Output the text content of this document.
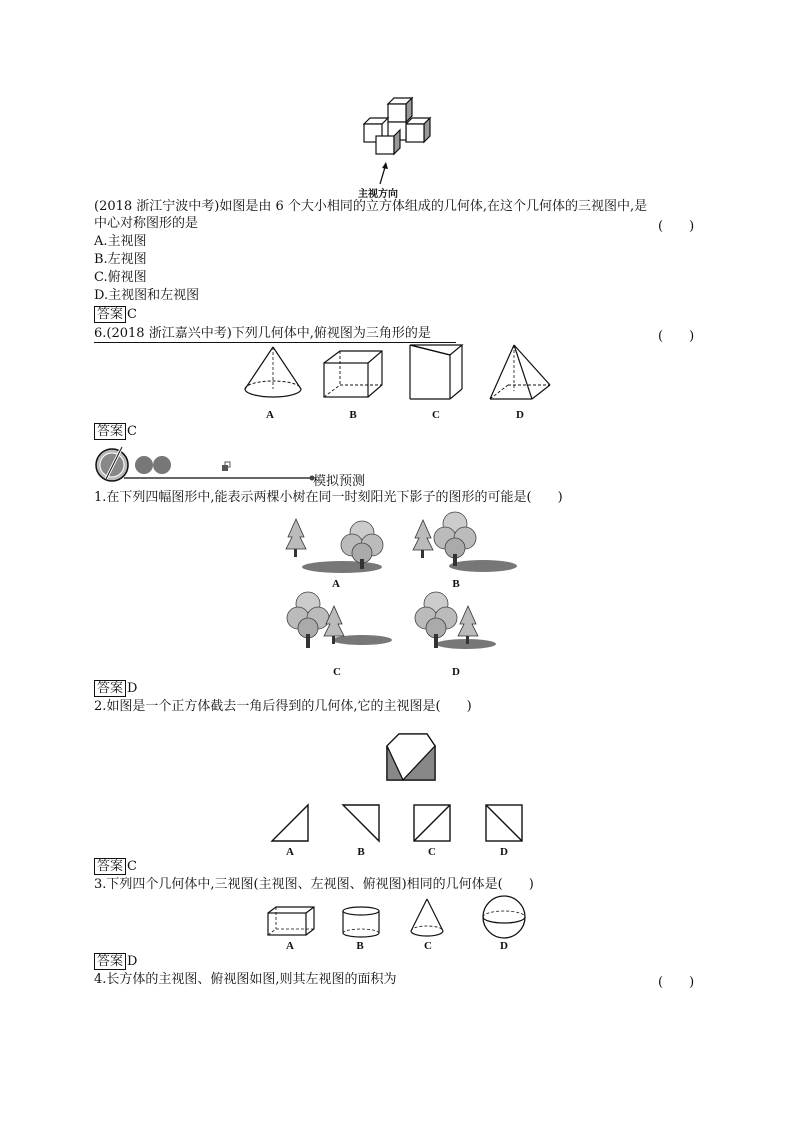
主视方向
(2018 浙江宁波中考)如图是由 6 个大小相同的立方体组成的几何体,在这个几何体的三视图中,是
中心对称图形的是	(　　)
A.主视图
B.左视图
C.俯视图
D.主视图和左视图
答案 C
6.(2018 浙江嘉兴中考)下列几何体中,俯视图为三角形的是	(　　)
A	B	C	D
答案 C
模拟预测
1.在下列四幅图形中,能表示两棵小树在同一时刻阳光下影子的图形的可能是(　　)
A	B
C	D
答案 D
2.如图是一个正方体截去一角后得到的几何体,它的主视图是(　　)
A	B	C	D
答案 C
3.下列四个几何体中,三视图(主视图、左视图、俯视图)相同的几何体是(　　)
A	B	C	D
答案 D
4.长方体的主视图、俯视图如图,则其左视图的面积为	(　　)
